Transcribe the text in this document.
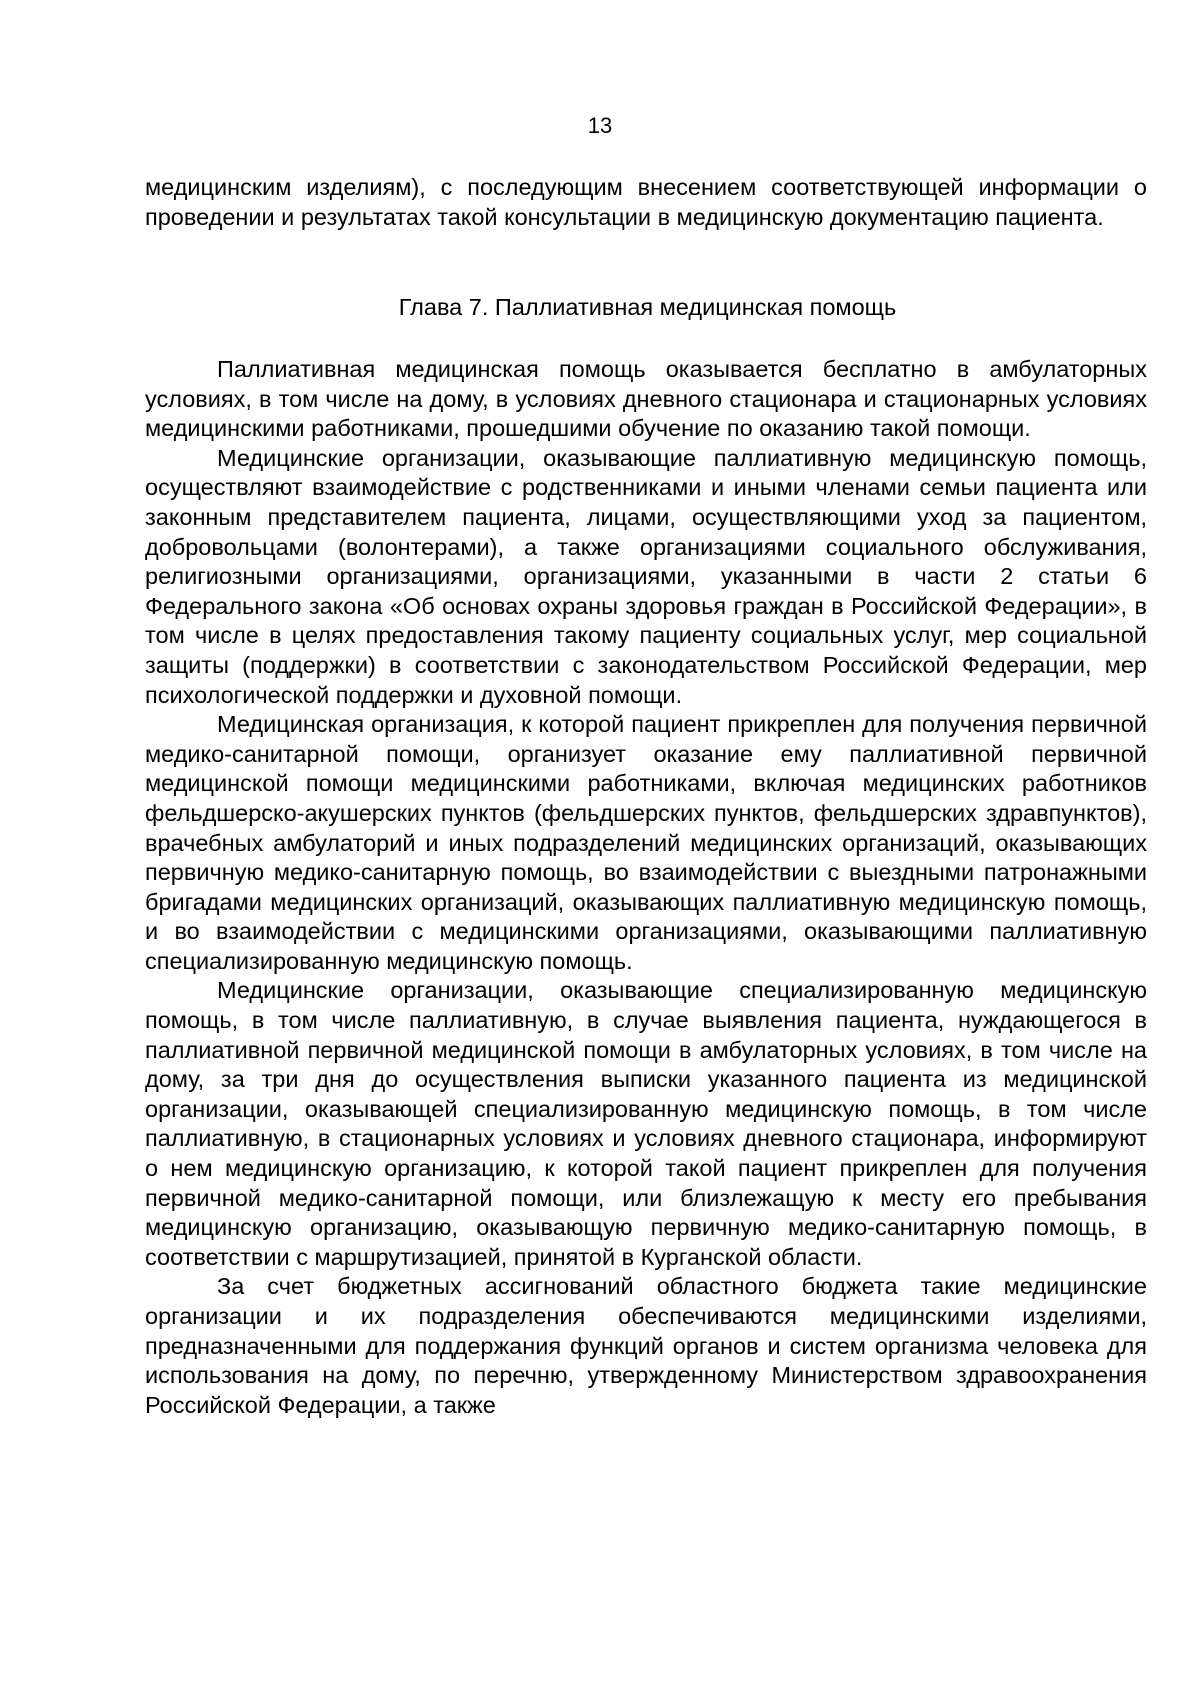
13
медицинским изделиям), с последующим внесением соответствующей информации о проведении и результатах такой консультации в медицинскую документацию пациента.
Глава 7. Паллиативная медицинская помощь

Паллиативная медицинская помощь оказывается бесплатно в амбулаторных условиях, в том числе на дому, в условиях дневного стационара и стационарных условиях медицинскими работниками, прошедшими обучение по оказанию такой помощи.

Медицинские организации, оказывающие паллиативную медицинскую помощь, осуществляют взаимодействие с родственниками и иными членами семьи пациента или законным представителем пациента, лицами, осуществляющими уход за пациентом, добровольцами (волонтерами), а также организациями социального обслуживания, религиозными организациями, организациями, указанными в части 2 статьи 6 Федерального закона «Об основах охраны здоровья граждан в Российской Федерации», в том числе в целях предоставления такому пациенту социальных услуг, мер социальной защиты (поддержки) в соответствии с законодательством Российской Федерации, мер психологической поддержки и духовной помощи.

Медицинская организация, к которой пациент прикреплен для получения первичной медико-санитарной помощи, организует оказание ему паллиативной первичной медицинской помощи медицинскими работниками, включая медицинских работников фельдшерско-акушерских пунктов (фельдшерских пунктов, фельдшерских здравпунктов), врачебных амбулаторий и иных подразделений медицинских организаций, оказывающих первичную медико-санитарную помощь, во взаимодействии с выездными патронажными бригадами медицинских организаций, оказывающих паллиативную медицинскую помощь, и во взаимодействии с медицинскими организациями, оказывающими паллиативную специализированную медицинскую помощь.

Медицинские организации, оказывающие специализированную медицинскую помощь, в том числе паллиативную, в случае выявления пациента, нуждающегося в паллиативной первичной медицинской помощи в амбулаторных условиях, в том числе на дому, за три дня до осуществления выписки указанного пациента из медицинской организации, оказывающей специализированную медицинскую помощь, в том числе паллиативную, в стационарных условиях и условиях дневного стационара, информируют о нем медицинскую организацию, к которой такой пациент прикреплен для получения первичной медико-санитарной помощи, или близлежащую к месту его пребывания медицинскую организацию, оказывающую первичную медико-санитарную помощь, в соответствии с маршрутизацией, принятой в Курганской области.

За счет бюджетных ассигнований областного бюджета такие медицинские организации и их подразделения обеспечиваются медицинскими изделиями, предназначенными для поддержания функций органов и систем организма человека для использования на дому, по перечню, утвержденному Министерством здравоохранения Российской Федерации, а также
